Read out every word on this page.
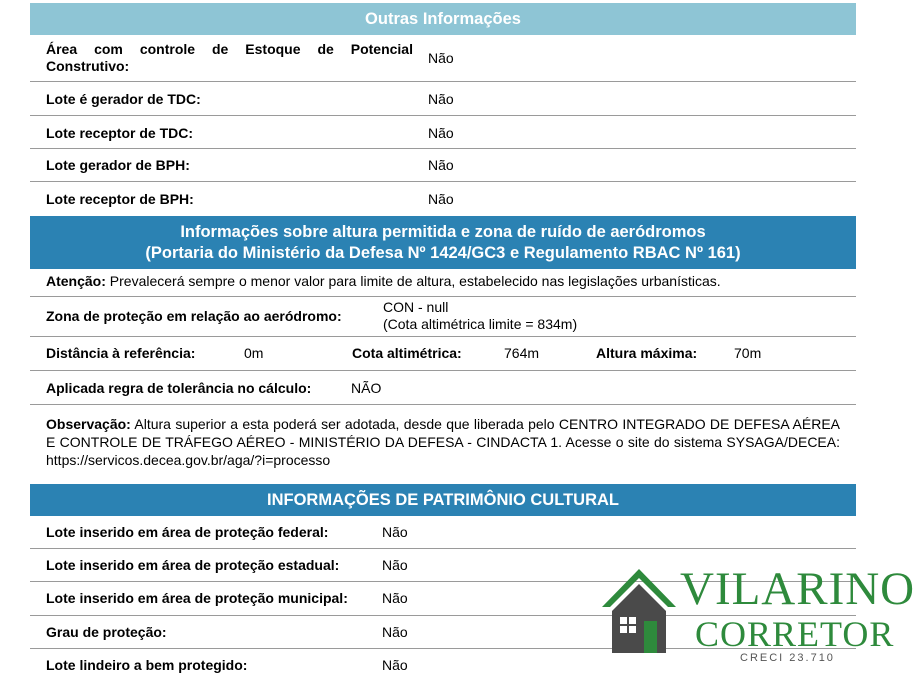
Outras Informações
Área com controle de Estoque de Potencial Construtivo:	Não
Lote é gerador de TDC:	Não
Lote receptor de TDC:	Não
Lote gerador de BPH:	Não
Lote receptor de BPH:	Não
Informações sobre altura permitida e zona de ruído de aeródromos
(Portaria do Ministério da Defesa Nº 1424/GC3 e Regulamento RBAC Nº 161)
Atenção: Prevalecerá sempre o menor valor para limite de altura, estabelecido nas legislações urbanísticas.
Zona de proteção em relação ao aeródromo:
CON - null
(Cota altimétrica limite = 834m)
Distância à referência:	0m	Cota altimétrica:	764m	Altura máxima:	70m
Aplicada regra de tolerância no cálculo:	NÃO
Observação: Altura superior a esta poderá ser adotada, desde que liberada pelo CENTRO INTEGRADO DE DEFESA AÉREA E CONTROLE DE TRÁFEGO AÉREO - MINISTÉRIO DA DEFESA - CINDACTA 1. Acesse o site do sistema SYSAGA/DECEA: https://servicos.decea.gov.br/aga/?i=processo
INFORMAÇÕES DE PATRIMÔNIO CULTURAL
Lote inserido em área de proteção federal:	Não
Lote inserido em área de proteção estadual:	Não
Lote inserido em área de proteção municipal: Não
Grau de proteção:	Não
Lote lindeiro a bem protegido:	Não
VILARINO
CORRETOR
CRECI 23.710
